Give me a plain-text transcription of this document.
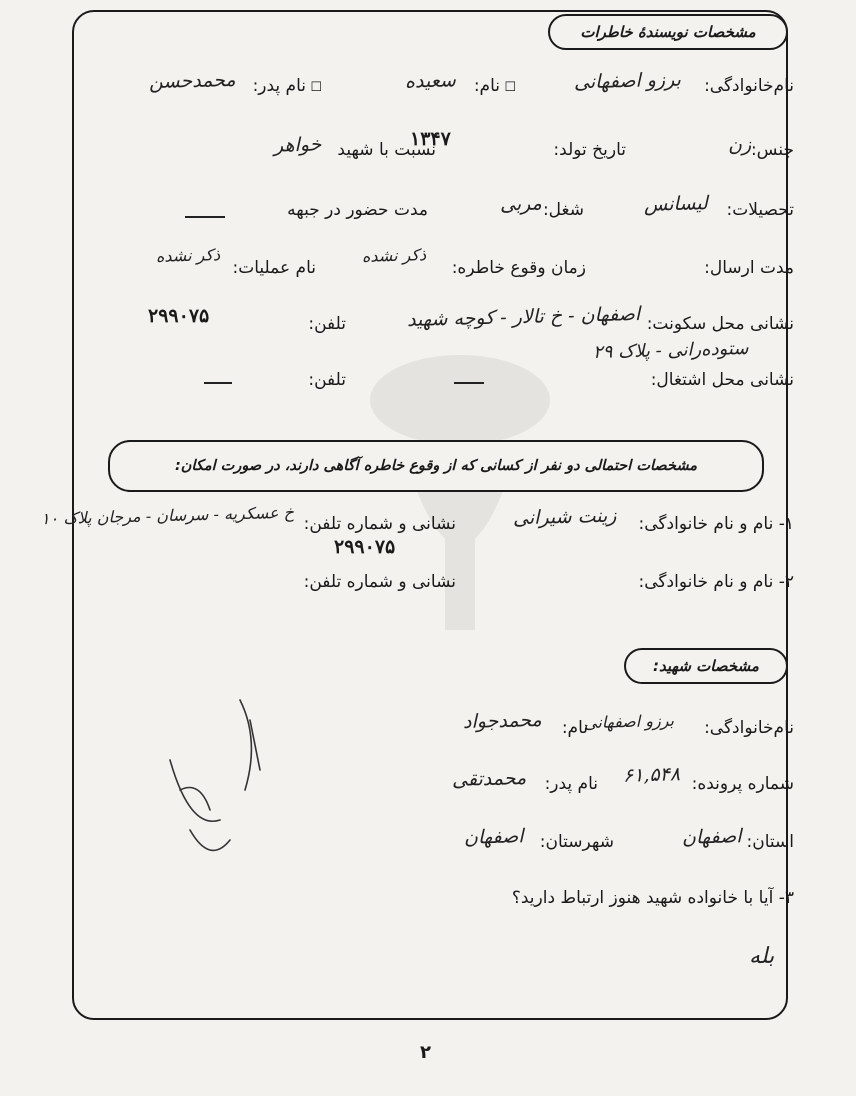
مشخصات نویسندهٔ خاطرات
نام‌خانوادگی:
برزو اصفهانی
☐
نام:
سعیده
☐
نام پدر:
محمدحسن
جنس:
زن
تاریخ تولد:
۱۳۴۷
نسبت با شهید
خواهر
تحصیلات:
لیسانس
شغل:
مربی
مدت حضور در جبهه
مدت ارسال:
زمان وقوع خاطره:
ذکر نشده
نام عملیات:
ذکر نشده
نشانی محل سکونت:
اصفهان - خ تالار - کوچه شهید
تلفن:
۲۹۹۰۷۵
ستوده‌رانی - پلاک ۲۹
نشانی محل اشتغال:
تلفن:
مشخصات احتمالی دو نفر از کسانی که از وقوع خاطره آگاهی دارند، در صورت امکان:
۱- نام و نام خانوادگی:
زینت شیرانی
نشانی و شماره تلفن:
خ عسکریه - سرسان - مرجان پلاک ۱۰
۲۹۹۰۷۵
۲- نام و نام خانوادگی:
نشانی و شماره تلفن:
مشخصات شهید:
نام‌خانوادگی:
برزو اصفهانی
نام:
محمدجواد
شماره پرونده:
۶۱,۵۴۸
نام پدر:
محمدتقی
استان:
اصفهان
شهرستان:
اصفهان
۳- آیا با خانواده شهید هنوز ارتباط دارید؟
بله
۲
